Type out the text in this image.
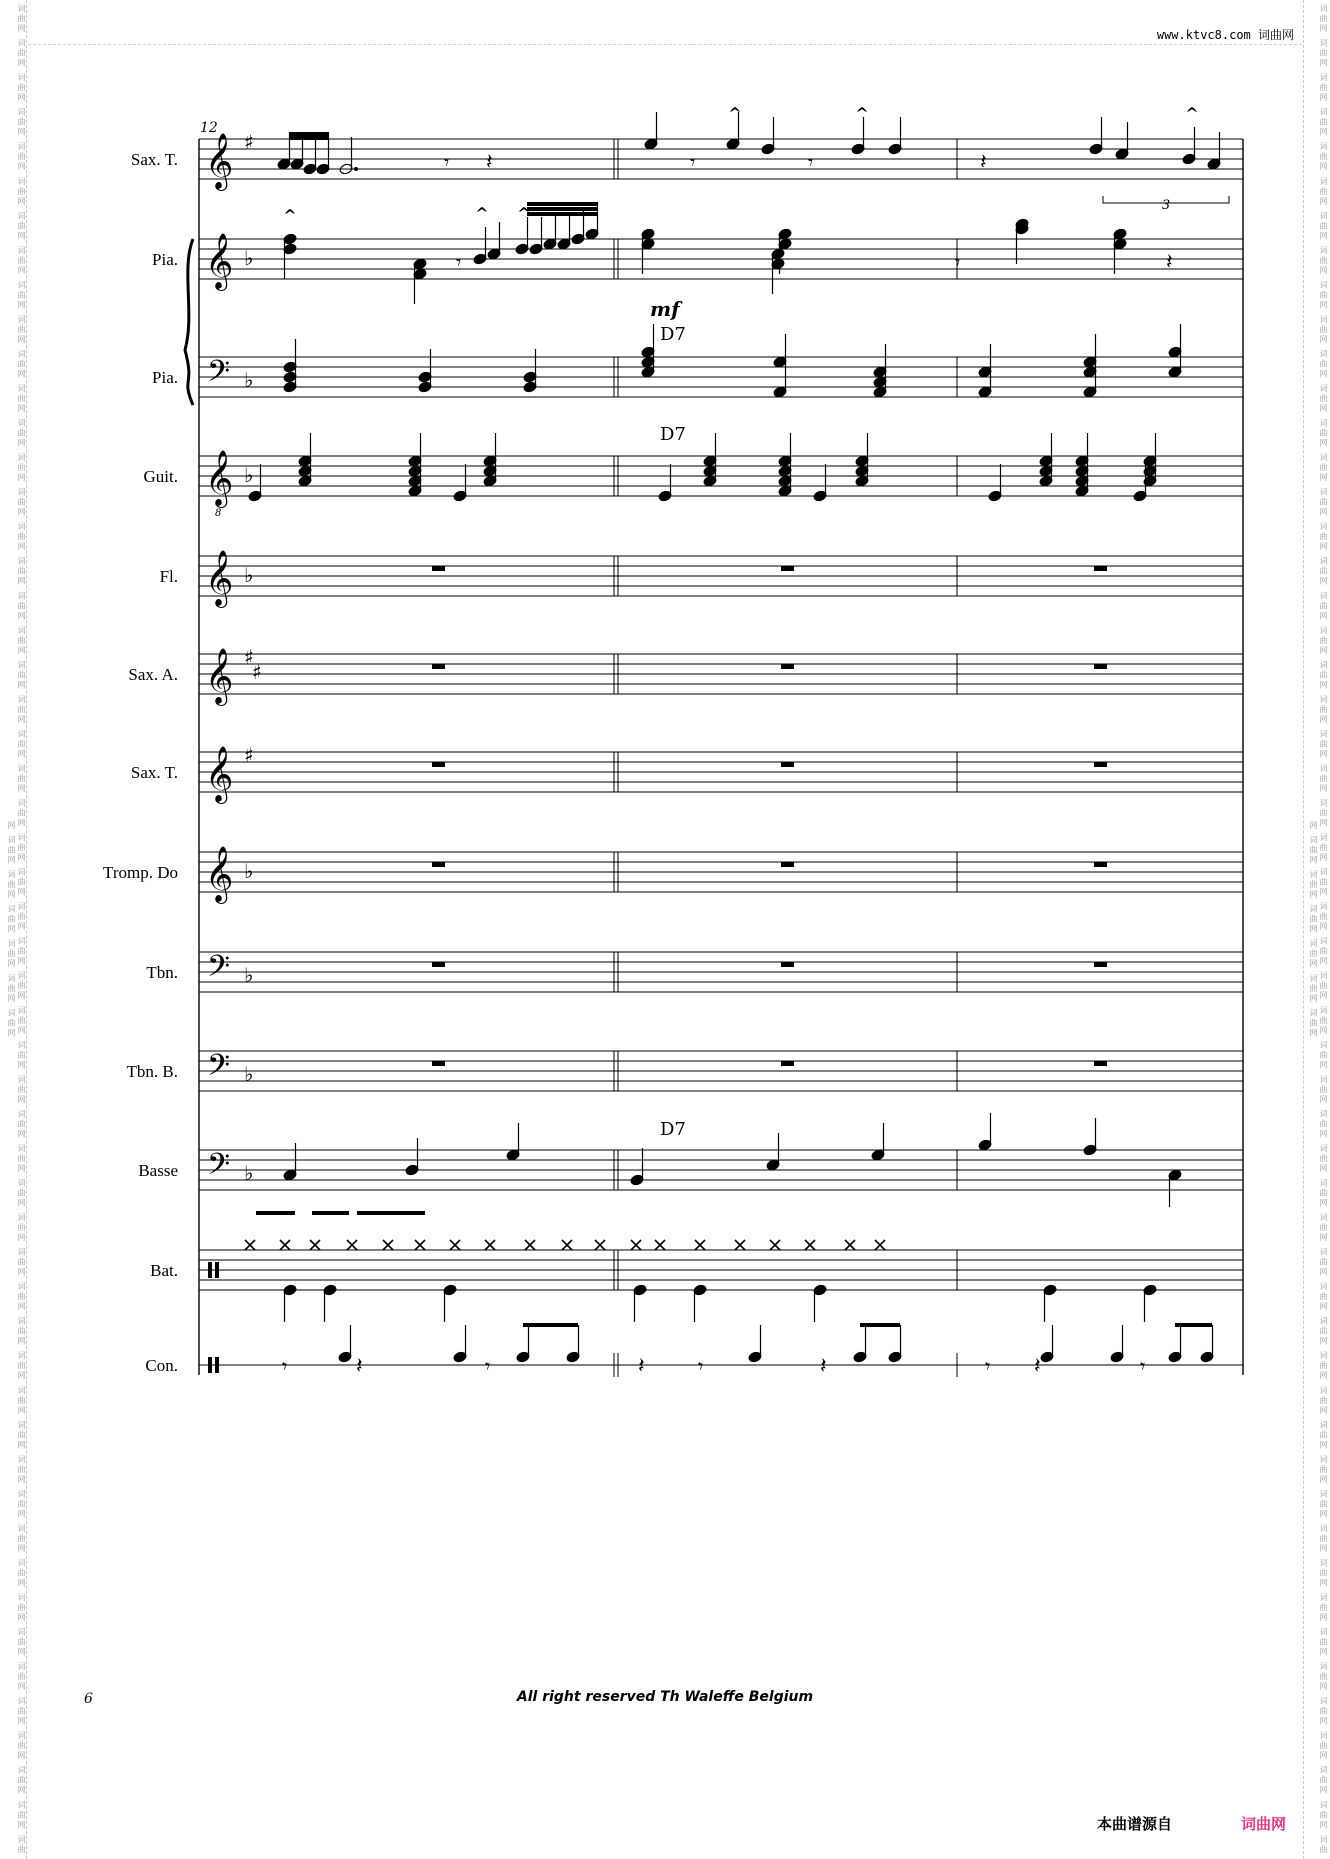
词曲网 词曲网 词曲网 词曲网 词曲网 词曲网 词曲网 词曲网 词曲网 词曲网 词曲网 词曲网 词曲网 词曲网 词曲网 词曲网 词曲网 词曲网 词曲网 词曲网 词曲网 词曲网 词曲网 词曲网 词曲网 词曲网 词曲网 词曲网 词曲网 词曲网 词曲网 词曲网 词曲网 词曲网 词曲网 词曲网 词曲网 词曲网 词曲网 词曲网 词曲网 词曲网 词曲网 词曲网 词曲网 词曲网 词曲网 词曲网 词曲网 词曲网 词曲网 词曲网 词曲网 词曲网 词曲网 词曲网 词曲网 词曲网 词曲网 词曲网	词曲网 词曲网 词曲网 词曲网 词曲网 词曲网 词曲网 词曲网 词曲网 词曲网 词曲网 词曲网 词曲网 词曲网 词曲网 词曲网 词曲网 词曲网 词曲网 词曲网 词曲网 词曲网 词曲网 词曲网 词曲网 词曲网 词曲网 词曲网 词曲网 词曲网 词曲网 词曲网 词曲网 词曲网 词曲网 词曲网 词曲网 词曲网 词曲网 词曲网 词曲网 词曲网 词曲网 词曲网 词曲网 词曲网 词曲网 词曲网 词曲网 词曲网 词曲网 词曲网 词曲网 词曲网 词曲网 词曲网 词曲网 词曲网 词曲网 词曲网
www.ktvc8.com 词曲网
12
Sax. T. 𝄞 ♯
Pia. 𝄞 ♭
Pia. 𝄢 ♭
Guit. 𝄞
8
♭
Fl. 𝄞 ♭
Sax. A. 𝄞 ♯
♯
Sax. T. 𝄞 ♯
Tromp. Do 𝄞 ♭
Tbn. 𝄢 ♭
Tbn. B. 𝄢 ♭
Basse 𝄢 ♭
Bat.
Con.
𝄾 𝄽
^	^
𝄾	𝄾	𝄽
^
3
^	^ ^
𝄾	𝄾	𝄽
mf
D7
D7
D7
𝄾	𝄽	𝄾	𝄽	𝄾	𝄽	𝄾 𝄽	𝄾
6	All right reserved Th Waleffe Belgium
本曲谱源自	词曲网
